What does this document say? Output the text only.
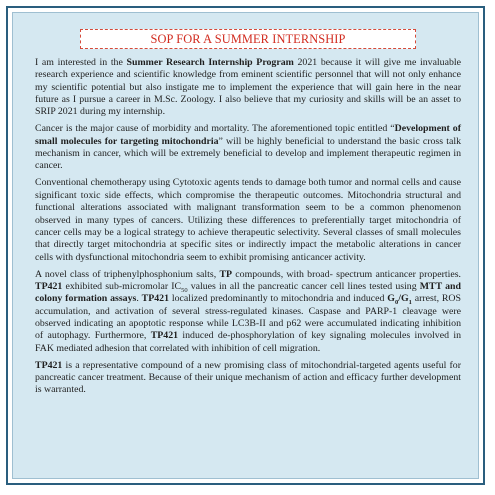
SOP FOR A SUMMER INTERNSHIP

I am interested in the Summer Research Internship Program 2021 because it will give me invaluable research experience and scientific knowledge from eminent scientific personnel that will not only enhance my scientific potential but also instigate me to implement the experience that will gain here in the near future as I pursue a career in M.Sc. Zoology. I also believe that my curiosity and skills will be an asset to SRIP 2021 during my internship.

Cancer is the major cause of morbidity and mortality. The aforementioned topic entitled “Development of small molecules for targeting mitochondria” will be highly beneficial to understand the basic cross talk mechanism in cancer, which will be extremely beneficial to develop and implement therapeutic regimen in cancer.

Conventional chemotherapy using Cytotoxic agents tends to damage both tumor and normal cells and cause significant toxic side effects, which compromise the therapeutic outcomes. Mitochondria structural and functional alterations associated with malignant transformation seem to be a common phenomenon observed in many types of cancers. Utilizing these differences to preferentially target mitochondria of cancer cells may be a logical strategy to achieve therapeutic selectivity. Several classes of small molecules that directly target mitochondria at specific sites or indirectly impact the metabolic alterations in cancer cells with dysfunctional mitochondria seem to exhibit promising anticancer activity.

A novel class of triphenylphosphonium salts, TP compounds, with broad- spectrum anticancer properties. TP421 exhibited sub-micromolar $IC_{50}$ values in all the pancreatic cancer cell lines tested using MTT and colony formation assays. TP421 localized predominantly to mitochondria and induced $G_0/G_1$ arrest, ROS accumulation, and activation of several stress-regulated kinases. Caspase and PARP-1 cleavage were observed indicating an apoptotic response while LC3B-II and p62 were accumulated indicating inhibition of autophagy. Furthermore, TP421 induced de-phosphorylation of key signaling molecules involved in FAK mediated adhesion that correlated with inhibition of cell migration.

TP421 is a representative compound of a new promising class of mitochondrial-targeted agents useful for pancreatic cancer treatment. Because of their unique mechanism of action and efficacy further development is warranted.
